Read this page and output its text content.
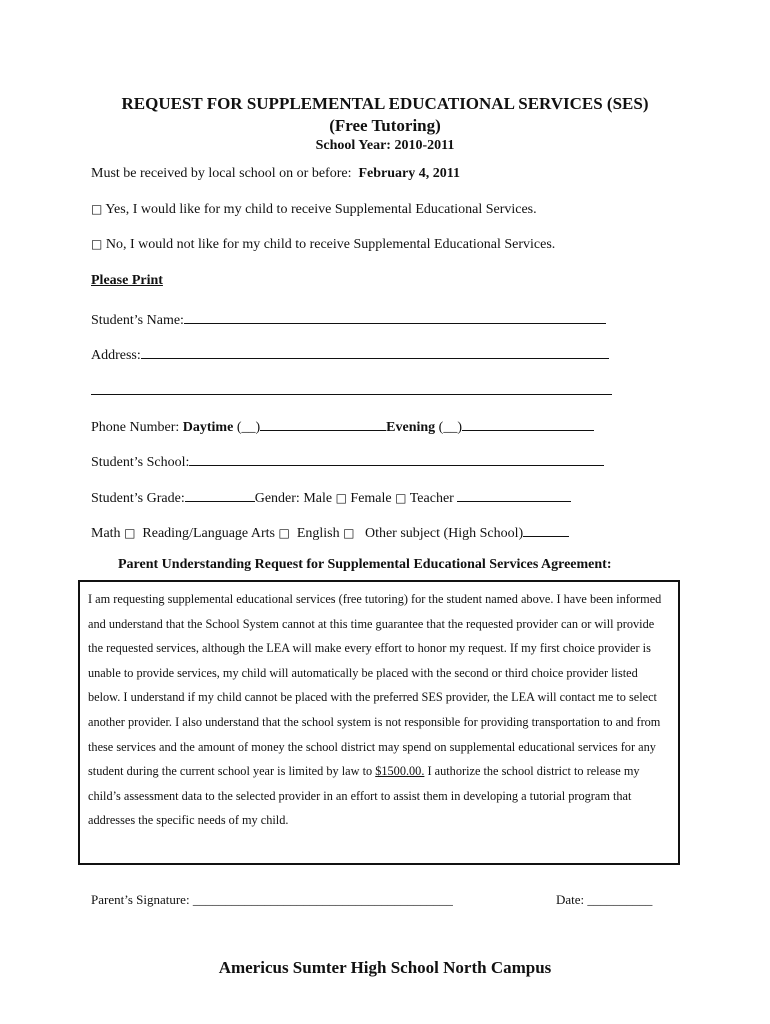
REQUEST FOR SUPPLEMENTAL EDUCATIONAL SERVICES (SES)
(Free Tutoring)
School Year: 2010-2011
Must be received by local school on or before: February 4, 2011
□ Yes, I would like for my child to receive Supplemental Educational Services.
□ No, I would not like for my child to receive Supplemental Educational Services.
Please Print
Student’s Name:
Address:
Phone Number: Daytime (__)	Evening (__)
Student’s School:
Student’s Grade:	Gender: Male □ Female □ Teacher
Math □ Reading/Language Arts □ English □ Other subject (High School)
Parent Understanding Request for Supplemental Educational Services Agreement:
I am requesting supplemental educational services (free tutoring) for the student named above. I have been informed and understand that the School System cannot at this time guarantee that the requested provider can or will provide the requested services, although the LEA will make every effort to honor my request. If my first choice provider is unable to provide services, my child will automatically be placed with the second or third choice provider listed below. I understand if my child cannot be placed with the preferred SES provider, the LEA will contact me to select another provider. I also understand that the school system is not responsible for providing transportation to and from these services and the amount of money the school district may spend on supplemental educational services for any student during the current school year is limited by law to $1500.00. I authorize the school district to release my child’s assessment data to the selected provider in an effort to assist them in developing a tutorial program that addresses the specific needs of my child.
Parent’s Signature: ________________________________________	Date: __________
Americus Sumter High School North Campus
